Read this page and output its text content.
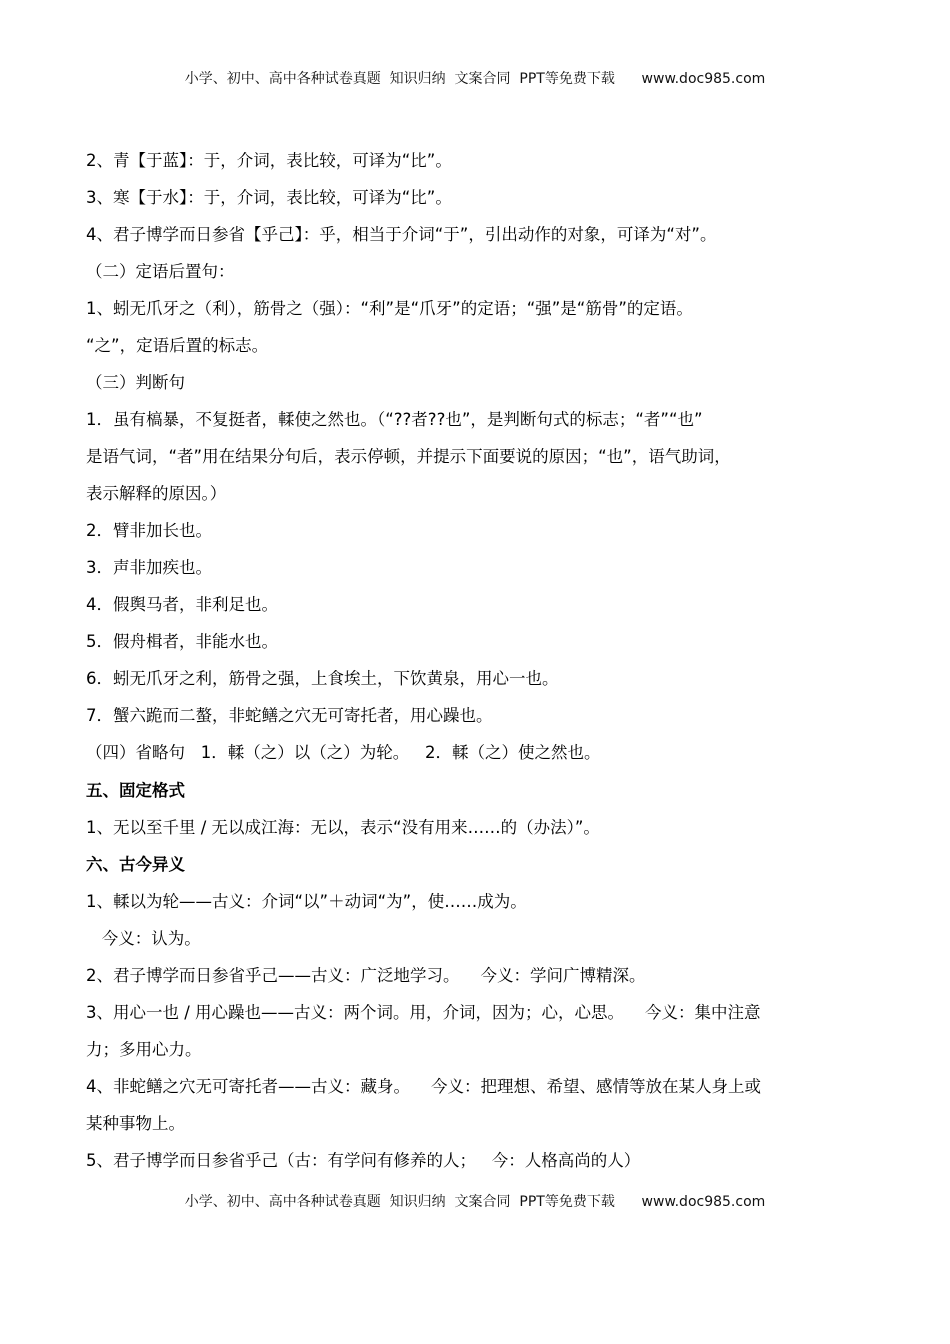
小学、初中、高中各种试卷真题  知识归纳  文案合同  PPT等免费下载      www.doc985.com
2、青【于蓝】：于，介词，表比较，可译为“比”。
3、寒【于水】：于，介词，表比较，可译为“比”。
4、君子博学而日参省【乎己】：乎，相当于介词“于”，引出动作的对象，可译为“对”。
（二）定语后置句：
1、蚓无爪牙之（利），筋骨之（强）：“利”是“爪牙”的定语；“强”是“筋骨”的定语。
“之”，定语后置的标志。
（三）判断句
1．虽有槁暴，不复挺者，輮使之然也。（“??者??也”，是判断句式的标志；“者”“也”
是语气词，“者”用在结果分句后，表示停顿，并提示下面要说的原因；“也”，语气助词，
表示解释的原因。）
2．臂非加长也。
3．声非加疾也。
4．假舆马者，非利足也。
5．假舟楫者，非能水也。
6．蚓无爪牙之利，筋骨之强，上食埃土，下饮黄泉，用心一也。
7．蟹六跪而二螯，非蛇鳝之穴无可寄托者，用心躁也。
（四）省略句   1．輮（之）以（之）为轮。   2．輮（之）使之然也。
五、固定格式
1、无以至千里 / 无以成江海：无以，表示“没有用来……的（办法）”。
六、古今异义
1、輮以为轮——古义：介词“以”＋动词“为”，使……成为。
今义：认为。
2、君子博学而日参省乎己——古义：广泛地学习。    今义：学问广博精深。
3、用心一也 / 用心躁也——古义：两个词。用，介词，因为；心，心思。    今义：集中注意
力；多用心力。
4、非蛇鳝之穴无可寄托者——古义：藏身。    今义：把理想、希望、感情等放在某人身上或
某种事物上。
5、君子博学而日参省乎己（古：有学问有修养的人；   今：人格高尚的人）
小学、初中、高中各种试卷真题  知识归纳  文案合同  PPT等免费下载      www.doc985.com
